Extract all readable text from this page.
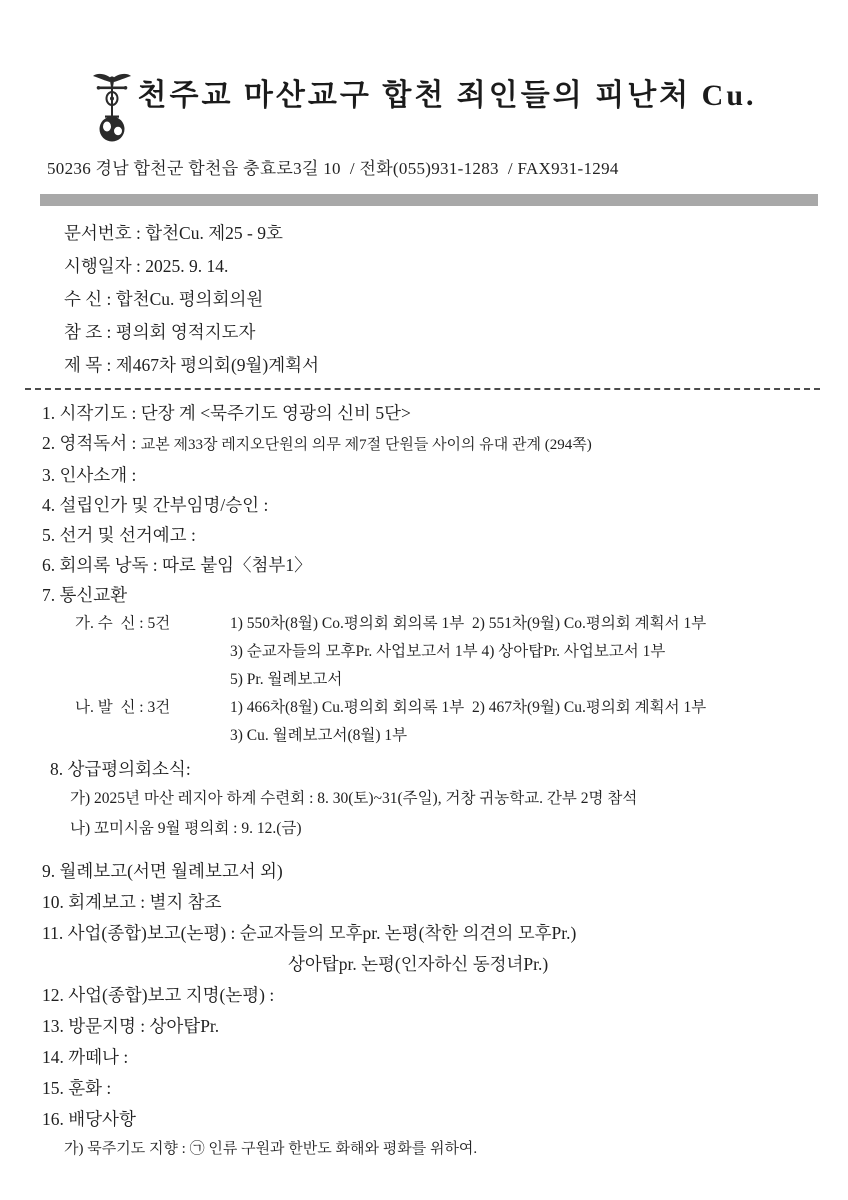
천주교 마산교구 합천 죄인들의 피난처 Cu.
50236 경남 합천군 합천읍 충효로3길 10  / 전화(055)931-1283  / FAX931-1294
문서번호 : 합천Cu. 제25 - 9호
시행일자 : 2025. 9. 14.
수 신 : 합천Cu. 평의회의원
참 조 : 평의회 영적지도자
제 목 : 제467차 평의회(9월)계획서
1. 시작기도 : 단장 계 <묵주기도 영광의 신비 5단>
2. 영적독서 : 교본 제33장 레지오단원의 의무 제7절 단원들 사이의 유대 관계 (294쪽)
3. 인사소개 :
4. 설립인가 및 간부임명/승인 :
5. 선거 및 선거예고 :
6. 회의록 낭독 : 따로 붙임〈첨부1〉
7. 통신교환
가. 수  신 : 5건	1) 550차(8월) Co.평의회 회의록 1부  2) 551차(9월) Co.평의회 계획서 1부
3) 순교자들의 모후Pr. 사업보고서 1부 4) 상아탑Pr. 사업보고서 1부
5) Pr. 월례보고서
나. 발  신 : 3건	1) 466차(8월) Cu.평의회 회의록 1부  2) 467차(9월) Cu.평의회 계획서 1부
3) Cu. 월례보고서(8월) 1부
8. 상급평의회소식:
가) 2025년 마산 레지아 하계 수련회 : 8. 30(토)~31(주일), 거창 귀농학교. 간부 2명 참석
나) 꼬미시움 9월 평의회 : 9. 12.(금)
9. 월례보고(서면 월례보고서 외)
10. 회계보고 : 별지 참조
11. 사업(종합)보고(논평) : 순교자들의 모후pr. 논평(착한 의견의 모후Pr.)
상아탑pr. 논평(인자하신 동정녀Pr.)
12. 사업(종합)보고 지명(논평) :
13. 방문지명 : 상아탑Pr.
14. 까떼나 :
15. 훈화 :
16. 배당사항
가) 묵주기도 지향 : ㉠ 인류 구원과 한반도 화해와 평화를 위하여.
